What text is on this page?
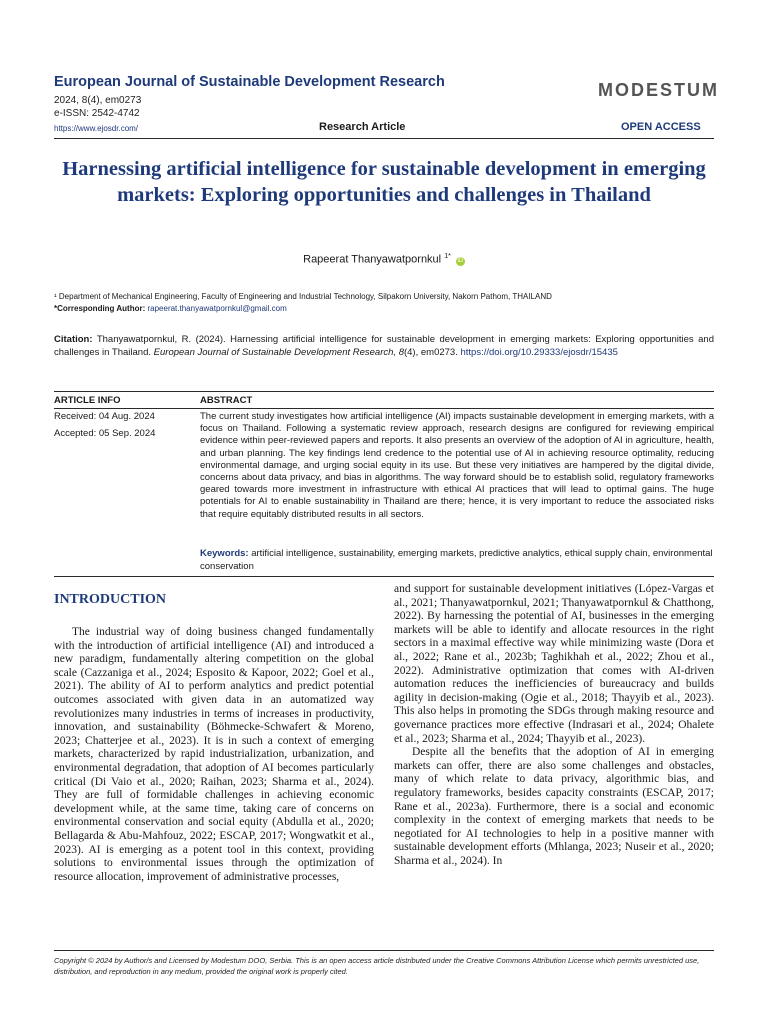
European Journal of Sustainable Development Research
2024, 8(4), em0273
e-ISSN: 2542-4742
https://www.ejosdr.com/	Research Article	OPEN ACCESS
MODESTUM
Harnessing artificial intelligence for sustainable development in emerging markets: Exploring opportunities and challenges in Thailand
Rapeerat Thanyawatpornkul $^{1*}$ iD
¹ Department of Mechanical Engineering, Faculty of Engineering and Industrial Technology, Silpakorn University, Nakorn Pathom, THAILAND
*Corresponding Author: rapeerat.thanyawatpornkul@gmail.com
Citation: Thanyawatpornkul, R. (2024). Harnessing artificial intelligence for sustainable development in emerging markets: Exploring opportunities and challenges in Thailand. European Journal of Sustainable Development Research, 8(4), em0273. https://doi.org/10.29333/ejosdr/15435
ARTICLE INFO	ABSTRACT
Received: 04 Aug. 2024
Accepted: 05 Sep. 2024
The current study investigates how artificial intelligence (AI) impacts sustainable development in emerging markets, with a focus on Thailand. Following a systematic review approach, research designs are configured for reviewing empirical evidence within peer-reviewed papers and reports. It also presents an overview of the adoption of AI in agriculture, health, and urban planning. The key findings lend credence to the potential use of AI in achieving resource optimality, reducing environmental damage, and urging social equity in its use. But these very initiatives are hampered by the digital divide, concerns about data privacy, and bias in algorithms. The way forward should be to establish solid, regulatory frameworks geared towards more investment in infrastructure with ethical AI practices that will lead to optimal gains. The huge potentials for AI to enable sustainability in Thailand are there; hence, it is very important to reduce the associated risks that require equitably distributed results in all sectors.
Keywords: artificial intelligence, sustainability, emerging markets, predictive analytics, ethical supply chain, environmental conservation
INTRODUCTION

The industrial way of doing business changed fundamentally with the introduction of artificial intelligence (AI) and introduced a new paradigm, fundamentally altering competition on the global scale (Cazzaniga et al., 2024; Esposito & Kapoor, 2022; Goel et al., 2021). The ability of AI to perform analytics and predict potential outcomes associated with given data in an automatized way revolutionizes many industries in terms of increases in productivity, innovation, and sustainability (Böhmecke-Schwafert & Moreno, 2023; Chatterjee et al., 2023). It is in such a context of emerging markets, characterized by rapid industrialization, urbanization, and environmental degradation, that adoption of AI becomes particularly critical (Di Vaio et al., 2020; Raihan, 2023; Sharma et al., 2024). They are full of formidable challenges in achieving economic development while, at the same time, taking care of concerns on environmental conservation and social equity (Abdulla et al., 2020; Bellagarda & Abu-Mahfouz, 2022; ESCAP, 2017; Wongwatkit et al., 2023). AI is emerging as a potent tool in this context, providing solutions to environmental issues through the optimization of resource allocation, improvement of administrative processes,

and support for sustainable development initiatives (López-Vargas et al., 2021; Thanyawatpornkul, 2021; Thanyawatpornkul & Chatthong, 2022). By harnessing the potential of AI, businesses in the emerging markets will be able to identify and allocate resources in the right sectors in a maximal effective way while minimizing waste (Dora et al., 2022; Rane et al., 2023b; Taghikhah et al., 2022; Zhou et al., 2022). Administrative optimization that comes with AI-driven automation reduces the inefficiencies of bureaucracy and builds agility in decision-making (Ogie et al., 2018; Thayyib et al., 2023). This also helps in promoting the SDGs through making resource and governance practices more effective (Indrasari et al., 2024; Ohalete et al., 2023; Sharma et al., 2024; Thayyib et al., 2023).

Despite all the benefits that the adoption of AI in emerging markets can offer, there are also some challenges and obstacles, many of which relate to data privacy, algorithmic bias, and regulatory frameworks, besides capacity constraints (ESCAP, 2017; Rane et al., 2023a). Furthermore, there is a social and economic complexity in the context of emerging markets that needs to be negotiated for AI technologies to help in a positive manner with sustainable development efforts (Mhlanga, 2023; Nuseir et al., 2020; Sharma et al., 2024). In

Copyright © 2024 by Author/s and Licensed by Modestum DOO, Serbia. This is an open access article distributed under the Creative Commons Attribution License which permits unrestricted use, distribution, and reproduction in any medium, provided the original work is properly cited.
